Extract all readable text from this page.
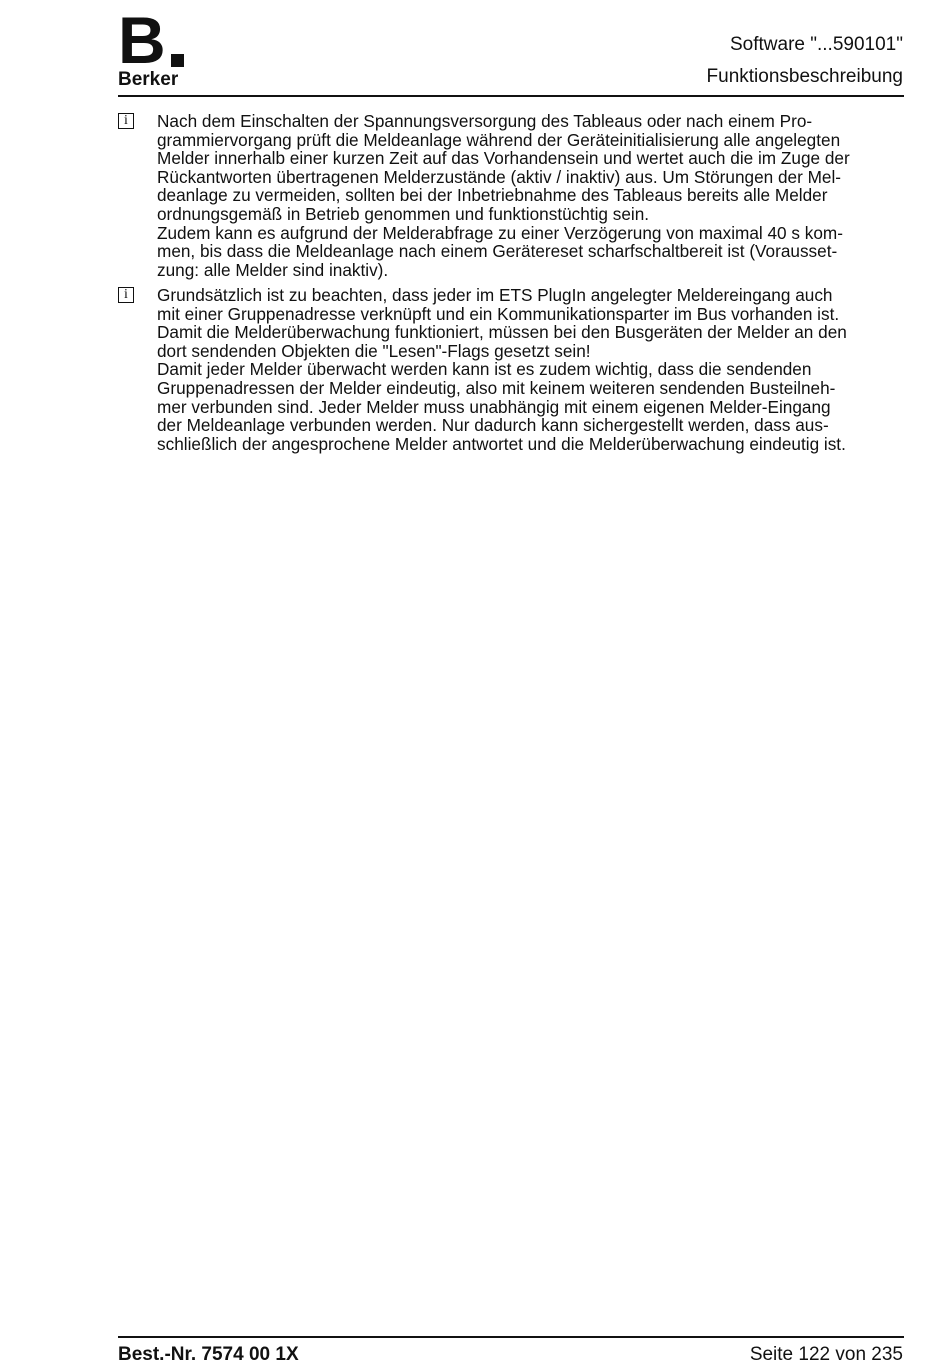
B
Berker
Software "...590101"
Funktionsbeschreibung
i	Nach dem Einschalten der Spannungsversorgung des Tableaus oder nach einem Pro-
grammiervorgang prüft die Meldeanlage während der Geräteinitialisierung alle angelegten
Melder innerhalb einer kurzen Zeit auf das Vorhandensein und wertet auch die im Zuge der
Rückantworten übertragenen Melderzustände (aktiv / inaktiv) aus. Um Störungen der Mel-
deanlage zu vermeiden, sollten bei der Inbetriebnahme des Tableaus bereits alle Melder
ordnungsgemäß in Betrieb genommen und funktionstüchtig sein.
Zudem kann es aufgrund der Melderabfrage zu einer Verzögerung von maximal 40 s kom-
men, bis dass die Meldeanlage nach einem Gerätereset scharfschaltbereit ist (Vorausset-
zung: alle Melder sind inaktiv).
i	Grundsätzlich ist zu beachten, dass jeder im ETS PlugIn angelegter Meldereingang auch
mit einer Gruppenadresse verknüpft und ein Kommunikationsparter im Bus vorhanden ist.
Damit die Melderüberwachung funktioniert, müssen bei den Busgeräten der Melder an den
dort sendenden Objekten die "Lesen"-Flags gesetzt sein!
Damit jeder Melder überwacht werden kann ist es zudem wichtig, dass die sendenden
Gruppenadressen der Melder eindeutig, also mit keinem weiteren sendenden Busteilneh-
mer verbunden sind. Jeder Melder muss unabhängig mit einem eigenen Melder-Eingang
der Meldeanlage verbunden werden. Nur dadurch kann sichergestellt werden, dass aus-
schließlich der angesprochene Melder antwortet und die Melderüberwachung eindeutig ist.
Best.-Nr. 7574 00 1X	Seite 122 von 235
